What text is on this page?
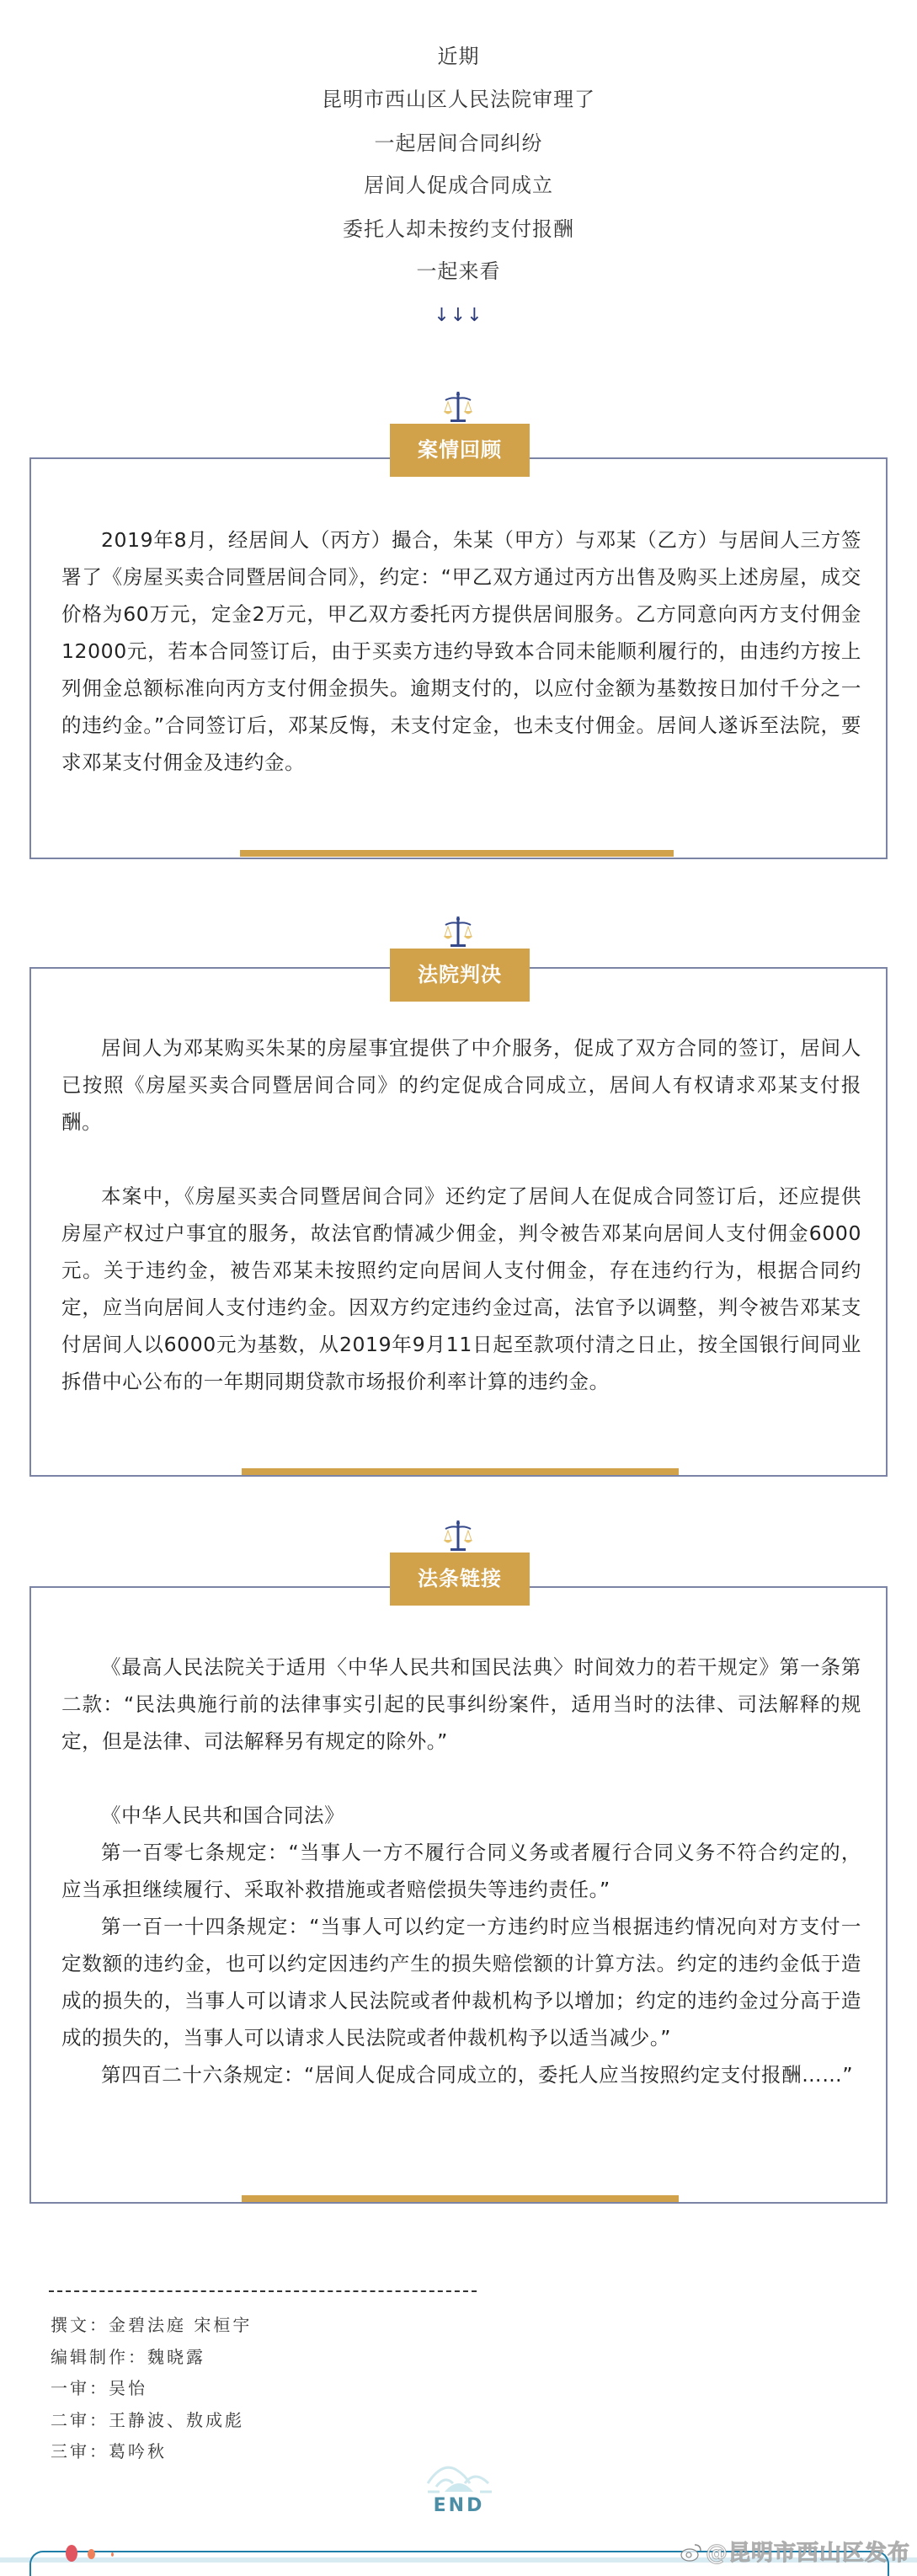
近期
昆明市西山区人民法院审理了
一起居间合同纠纷
居间人促成合同成立
委托人却未按约支付报酬
一起来看
↓↓↓
案情回顾

2019年8月，经居间人（丙方）撮合，朱某（甲方）与邓某（乙方）与居间人三方签署了《房屋买卖合同暨居间合同》，约定：“甲乙双方通过丙方出售及购买上述房屋，成交价格为60万元，定金2万元，甲乙双方委托丙方提供居间服务。乙方同意向丙方支付佣金12000元，若本合同签订后，由于买卖方违约导致本合同未能顺利履行的，由违约方按上列佣金总额标准向丙方支付佣金损失。逾期支付的，以应付金额为基数按日加付千分之一的违约金。”合同签订后，邓某反悔，未支付定金，也未支付佣金。居间人遂诉至法院，要求邓某支付佣金及违约金。

法院判决

居间人为邓某购买朱某的房屋事宜提供了中介服务，促成了双方合同的签订，居间人已按照《房屋买卖合同暨居间合同》的约定促成合同成立，居间人有权请求邓某支付报酬。

本案中，《房屋买卖合同暨居间合同》还约定了居间人在促成合同签订后，还应提供房屋产权过户事宜的服务，故法官酌情减少佣金，判令被告邓某向居间人支付佣金6000元。关于违约金，被告邓某未按照约定向居间人支付佣金，存在违约行为，根据合同约定，应当向居间人支付违约金。因双方约定违约金过高，法官予以调整，判令被告邓某支付居间人以6000元为基数，从2019年9月11日起至款项付清之日止，按全国银行间同业拆借中心公布的一年期同期贷款市场报价利率计算的违约金。

法条链接

《最高人民法院关于适用〈中华人民共和国民法典〉时间效力的若干规定》第一条第二款：“民法典施行前的法律事实引起的民事纠纷案件，适用当时的法律、司法解释的规定，但是法律、司法解释另有规定的除外。”

《中华人民共和国合同法》

第一百零七条规定：“当事人一方不履行合同义务或者履行合同义务不符合约定的，应当承担继续履行、采取补救措施或者赔偿损失等违约责任。”

第一百一十四条规定：“当事人可以约定一方违约时应当根据违约情况向对方支付一定数额的违约金，也可以约定因违约产生的损失赔偿额的计算方法。约定的违约金低于造成的损失的，当事人可以请求人民法院或者仲裁机构予以增加；约定的违约金过分高于造成的损失的，当事人可以请求人民法院或者仲裁机构予以适当减少。”

第四百二十六条规定：“居间人促成合同成立的，委托人应当按照约定支付报酬……”

撰文：金碧法庭 宋桓宇
编辑制作：魏晓露
一审：吴怡
二审：王静波、敖成彪
三审：葛吟秋
END
@昆明市西山区发布
